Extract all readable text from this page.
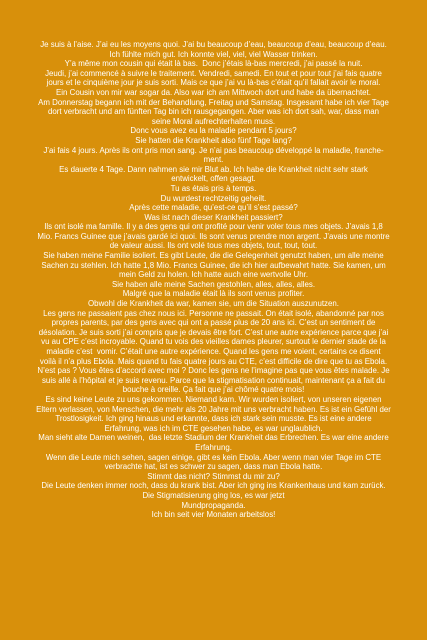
Je suis à l’aise. J’ai eu les moyens quoi. J’ai bu beaucoup d’eau, beaucoup d’eau, beaucoup d’eau.
Ich fühlte mich gut. Ich konnte viel, viel, viel Wasser trinken.
Y’a même mon cousin qui était là bas.  Donc j’étais là-bas mercredi, j’ai passé la nuit.
Jeudi, j’ai commencé à suivre le traitement. Vendredi, samedi. En tout et pour tout j’ai fais quatre
jours et le cinquième jour je suis sorti. Mais ce que j’ai vu là-bas c’était qu’il fallait avoir le moral.
Ein Cousin von mir war sogar da. Also war ich am Mittwoch dort und habe da übernachtet.
Am Donnerstag begann ich mit der Behandlung, Freitag und Samstag. Insgesamt habe ich vier Tage
dort verbracht und am fünften Tag bin ich rausgegangen. Aber was ich dort sah, war, dass man
seine Moral aufrechterhalten muss.
Donc vous avez eu la maladie pendant 5 jours?
Sie hatten die Krankheit also fünf Tage lang?
J’ai fais 4 jours. Après ils ont pris mon sang. Je n’ai pas beaucoup développé la maladie, franche-
ment.
Es dauerte 4 Tage. Dann nahmen sie mir Blut ab. Ich habe die Krankheit nicht sehr stark
entwickelt, offen gesagt.
Tu as étais pris à temps.
Du wurdest rechtzeitig geheilt.
Après cette maladie, qu’est-ce qu’il s’est passé?
Was ist nach dieser Krankheit passiert?
Ils ont isolé ma famille. Il y a des gens qui ont profité pour venir voler tous mes objets. J’avais 1,8
Mio. Francs Guinee que j’avais gardé ici quoi. Ils sont venus prendre mon argent. J’avais une montre
de valeur aussi. Ils ont volé tous mes objets, tout, tout, tout.
Sie haben meine Familie isoliert. Es gibt Leute, die die Gelegenheit genutzt haben, um alle meine
Sachen zu stehlen. Ich hatte 1,8 Mio. Francs Guinee, die ich hier aufbewahrt hatte. Sie kamen, um
mein Geld zu holen. Ich hatte auch eine wertvolle Uhr.
Sie haben alle meine Sachen gestohlen, alles, alles, alles.
Malgré que la maladie était là ils sont venus profiter.
Obwohl die Krankheit da war, kamen sie, um die Situation auszunutzen.
Les gens ne passaient pas chez nous ici. Personne ne passait. On était isolé, abandonné par nos
propres parents, par des gens avec qui ont a passé plus de 20 ans ici. C’est un sentiment de
désolation. Je suis sorti j’ai compris que je devais être fort. C’est une autre expérience parce que j’ai
vu au CPE c’est incroyable. Quand tu vois des vieilles dames pleurer, surtout le dernier stade de la
maladie c’est  vomir. C’était une autre expérience. Quand les gens me voient, certains ce disent
voilà il n’a plus Ebola. Mais quand tu fais quatre jours au CTE, c’est difficile de dire que tu as Ebola.
N’est pas ? Vous êtes d’accord avec moi ? Donc les gens ne l’imagine pas que vous êtes malade. Je
suis allé à l’hôpital et je suis revenu. Parce que la stigmatisation continuait, maintenant ça a fait du
bouche à oreille. Ça fait que j’ai chômé quatre mois!
Es sind keine Leute zu uns gekommen. Niemand kam. Wir wurden isoliert, von unseren eigenen
Eltern verlassen, von Menschen, die mehr als 20 Jahre mit uns verbracht haben. Es ist ein Gefühl der
Trostlosigkeit. Ich ging hinaus und erkannte, dass ich stark sein musste. Es ist eine andere
Erfahrung, was ich im CTE gesehen habe, es war unglaublich.
Man sieht alte Damen weinen,  das letzte Stadium der Krankheit das Erbrechen. Es war eine andere
Erfahrung.
Wenn die Leute mich sehen, sagen einige, gibt es kein Ebola. Aber wenn man vier Tage im CTE
verbrachte hat, ist es schwer zu sagen, dass man Ebola hatte.
Stimmt das nicht? Stimmst du mir zu?
Die Leute denken immer noch, dass du krank bist. Aber ich ging ins Krankenhaus und kam zurück.
Die Stigmatisierung ging los, es war jetzt
Mundpropaganda.
Ich bin seit vier Monaten arbeitslos!
